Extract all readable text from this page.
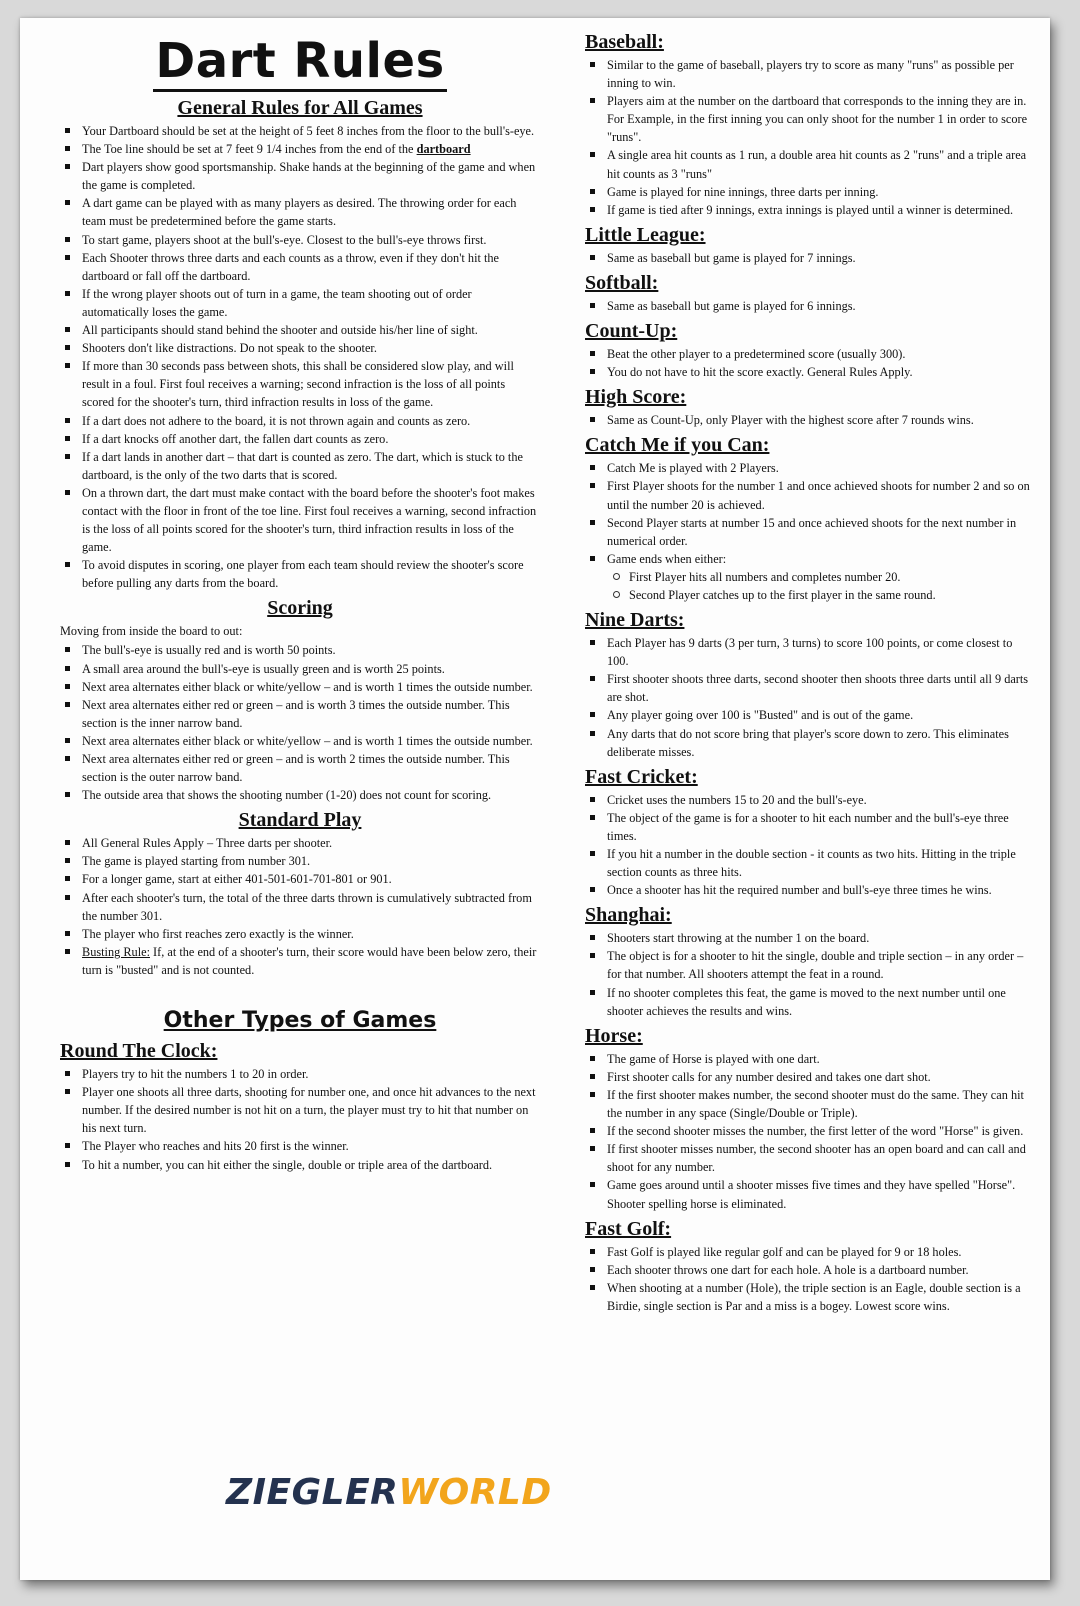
Dart Rules
General Rules for All Games
Your Dartboard should be set at the height of 5 feet 8 inches from the floor to the bull's-eye.
The Toe line should be set at 7 feet 9 1/4 inches from the end of the dartboard
Dart players show good sportsmanship. Shake hands at the beginning of the game and when the game is completed.
A dart game can be played with as many players as desired. The throwing order for each team must be predetermined before the game starts.
To start game, players shoot at the bull's-eye. Closest to the bull's-eye throws first.
Each Shooter throws three darts and each counts as a throw, even if they don't hit the dartboard or fall off the dartboard.
If the wrong player shoots out of turn in a game, the team shooting out of order automatically loses the game.
All participants should stand behind the shooter and outside his/her line of sight.
Shooters don't like distractions. Do not speak to the shooter.
If more than 30 seconds pass between shots, this shall be considered slow play, and will result in a foul. First foul receives a warning; second infraction is the loss of all points scored for the shooter's turn, third infraction results in loss of the game.
If a dart does not adhere to the board, it is not thrown again and counts as zero.
If a dart knocks off another dart, the fallen dart counts as zero.
If a dart lands in another dart – that dart is counted as zero. The dart, which is stuck to the dartboard, is the only of the two darts that is scored.
On a thrown dart, the dart must make contact with the board before the shooter's foot makes contact with the floor in front of the toe line. First foul receives a warning, second infraction is the loss of all points scored for the shooter's turn, third infraction results in loss of the game.
To avoid disputes in scoring, one player from each team should review the shooter's score before pulling any darts from the board.
Scoring

Moving from inside the board to out:

The bull's-eye is usually red and is worth 50 points.
A small area around the bull's-eye is usually green and is worth 25 points.
Next area alternates either black or white/yellow – and is worth 1 times the outside number.
Next area alternates either red or green – and is worth 3 times the outside number. This section is the inner narrow band.
Next area alternates either black or white/yellow – and is worth 1 times the outside number.
Next area alternates either red or green – and is worth 2 times the outside number. This section is the outer narrow band.
The outside area that shows the shooting number (1-20) does not count for scoring.
Standard Play
All General Rules Apply – Three darts per shooter.
The game is played starting from number 301.
For a longer game, start at either 401-501-601-701-801 or 901.
After each shooter's turn, the total of the three darts thrown is cumulatively subtracted from the number 301.
The player who first reaches zero exactly is the winner.
Busting Rule: If, at the end of a shooter's turn, their score would have been below zero, their turn is "busted" and is not counted.
Other Types of Games
Round The Clock:
Players try to hit the numbers 1 to 20 in order.
Player one shoots all three darts, shooting for number one, and once hit advances to the next number. If the desired number is not hit on a turn, the player must try to hit that number on his next turn.
The Player who reaches and hits 20 first is the winner.
To hit a number, you can hit either the single, double or triple area of the dartboard.
Baseball:
Similar to the game of baseball, players try to score as many "runs" as possible per inning to win.
Players aim at the number on the dartboard that corresponds to the inning they are in. For Example, in the first inning you can only shoot for the number 1 in order to score "runs".
A single area hit counts as 1 run, a double area hit counts as 2 "runs" and a triple area hit counts as 3 "runs"
Game is played for nine innings, three darts per inning.
If game is tied after 9 innings, extra innings is played until a winner is determined.
Little League:
Same as baseball but game is played for 7 innings.
Softball:
Same as baseball but game is played for 6 innings.
Count-Up:
Beat the other player to a predetermined score (usually 300).
You do not have to hit the score exactly. General Rules Apply.
High Score:
Same as Count-Up, only Player with the highest score after 7 rounds wins.
Catch Me if you Can:
Catch Me is played with 2 Players.
First Player shoots for the number 1 and once achieved shoots for number 2 and so on until the number 20 is achieved.
Second Player starts at number 15 and once achieved shoots for the next number in numerical order.
Game ends when either:
First Player hits all numbers and completes number 20.
Second Player catches up to the first player in the same round.
Nine Darts:
Each Player has 9 darts (3 per turn, 3 turns) to score 100 points, or come closest to 100.
First shooter shoots three darts, second shooter then shoots three darts until all 9 darts are shot.
Any player going over 100 is "Busted" and is out of the game.
Any darts that do not score bring that player's score down to zero. This eliminates deliberate misses.
Fast Cricket:
Cricket uses the numbers 15 to 20 and the bull's-eye.
The object of the game is for a shooter to hit each number and the bull's-eye three times.
If you hit a number in the double section - it counts as two hits. Hitting in the triple section counts as three hits.
Once a shooter has hit the required number and bull's-eye three times he wins.
Shanghai:
Shooters start throwing at the number 1 on the board.
The object is for a shooter to hit the single, double and triple section – in any order – for that number. All shooters attempt the feat in a round.
If no shooter completes this feat, the game is moved to the next number until one shooter achieves the results and wins.
Horse:
The game of Horse is played with one dart.
First shooter calls for any number desired and takes one dart shot.
If the first shooter makes number, the second shooter must do the same. They can hit the number in any space (Single/Double or Triple).
If the second shooter misses the number, the first letter of the word "Horse" is given.
If first shooter misses number, the second shooter has an open board and can call and shoot for any number.
Game goes around until a shooter misses five times and they have spelled "Horse". Shooter spelling horse is eliminated.
Fast Golf:
Fast Golf is played like regular golf and can be played for 9 or 18 holes.
Each shooter throws one dart for each hole. A hole is a dartboard number.
When shooting at a number (Hole), the triple section is an Eagle, double section is a Birdie, single section is Par and a miss is a bogey. Lowest score wins.
ZIEGLERWORLD
